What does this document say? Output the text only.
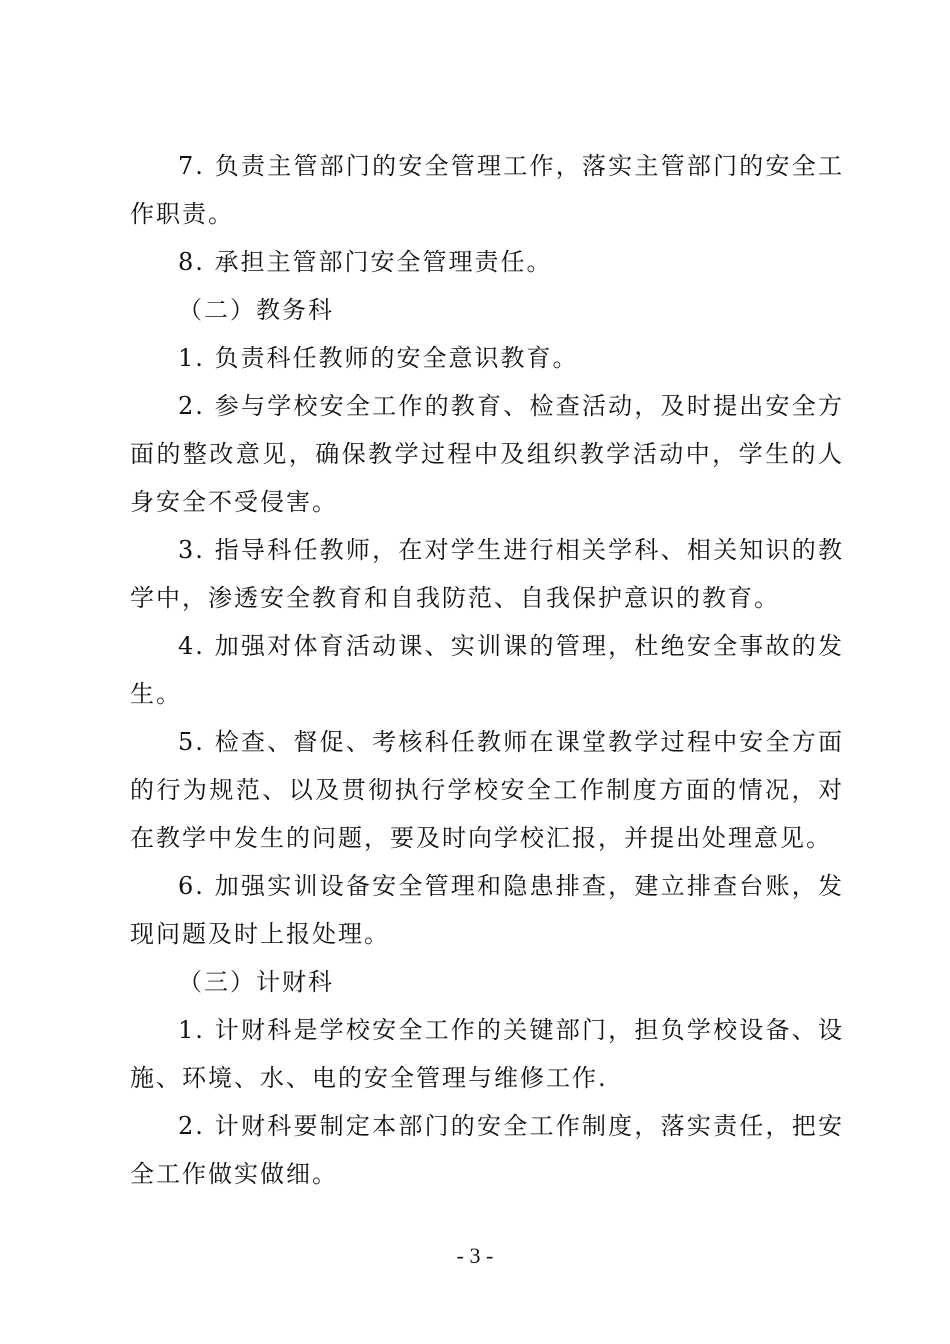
7. 负责主管部门的安全管理工作，落实主管部门的安全工作职责。

8. 承担主管部门安全管理责任。

（二）教务科

1. 负责科任教师的安全意识教育。

2. 参与学校安全工作的教育、检查活动，及时提出安全方面的整改意见，确保教学过程中及组织教学活动中，学生的人身安全不受侵害。

3. 指导科任教师，在对学生进行相关学科、相关知识的教学中，渗透安全教育和自我防范、自我保护意识的教育。

4. 加强对体育活动课、实训课的管理，杜绝安全事故的发生。

5. 检查、督促、考核科任教师在课堂教学过程中安全方面的行为规范、以及贯彻执行学校安全工作制度方面的情况，对在教学中发生的问题，要及时向学校汇报，并提出处理意见。

6. 加强实训设备安全管理和隐患排查，建立排查台账，发现问题及时上报处理。

（三）计财科

1. 计财科是学校安全工作的关键部门，担负学校设备、设施、环境、水、电的安全管理与维修工作.

2. 计财科要制定本部门的安全工作制度，落实责任，把安全工作做实做细。

- 3 -
